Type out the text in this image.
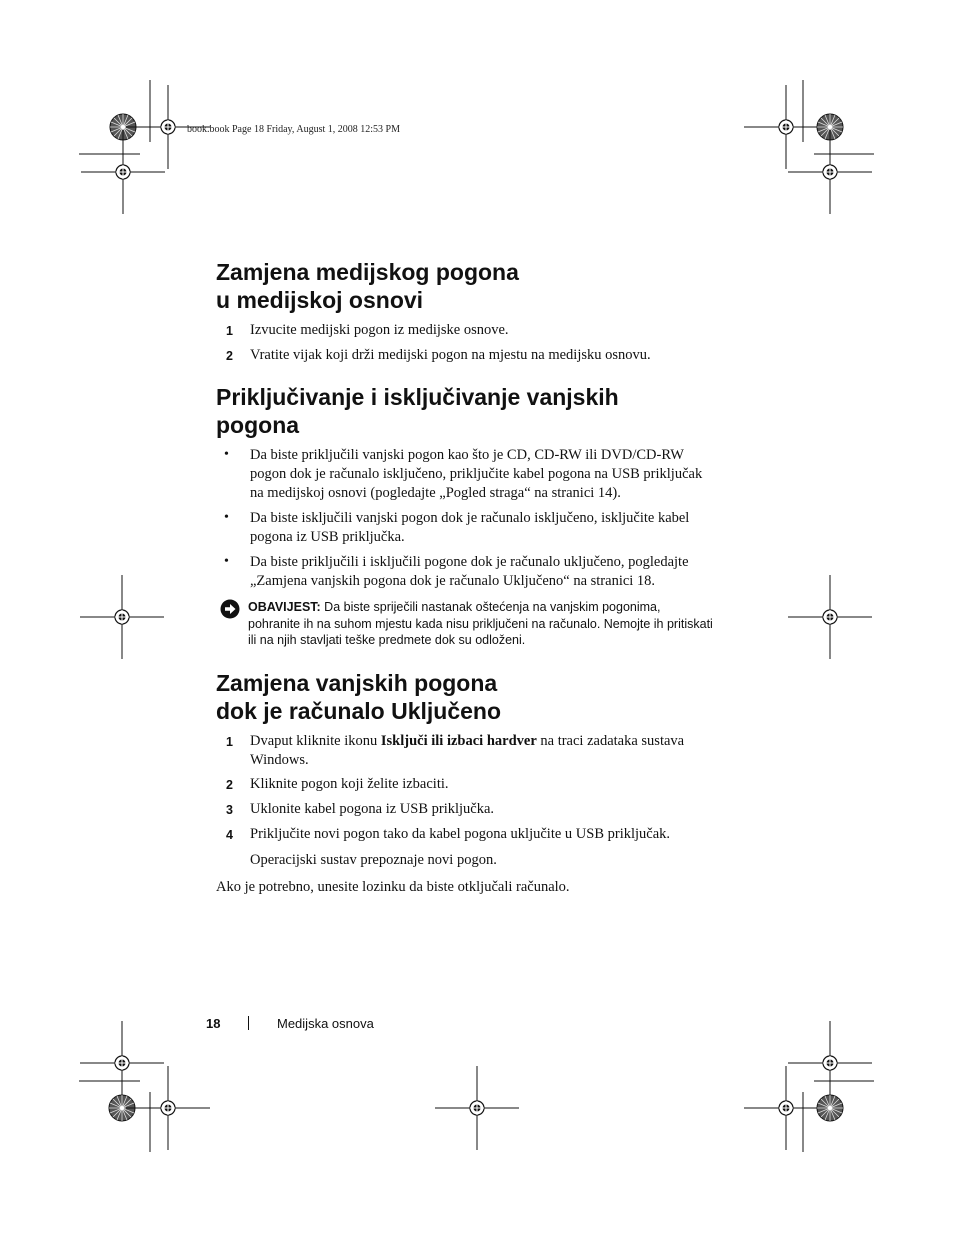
book.book Page 18 Friday, August 1, 2008 12:53 PM
Zamjena medijskog pogona
u medijskoj osnovi
1 Izvucite medijski pogon iz medijske osnove.
2 Vratite vijak koji drži medijski pogon na mjestu na medijsku osnovu.
Priključivanje i isključivanje vanjskih
pogona
• Da biste priključili vanjski pogon kao što je CD, CD-RW ili DVD/CD-RW pogon dok je računalo isključeno, priključite kabel pogona na USB priključak na medijskoj osnovi (pogledajte „Pogled straga“ na stranici 14).
• Da biste isključili vanjski pogon dok je računalo isključeno, isključite kabel pogona iz USB priključka.
• Da biste priključili i isključili pogone dok je računalo uključeno, pogledajte „Zamjena vanjskih pogona dok je računalo Uključeno“ na stranici 18.
OBAVIJEST: Da biste spriječili nastanak oštećenja na vanjskim pogonima, pohranite ih na suhom mjestu kada nisu priključeni na računalo. Nemojte ih pritiskati ili na njih stavljati teške predmete dok su odloženi.
Zamjena vanjskih pogona
dok je računalo Uključeno
1 Dvaput kliknite ikonu Isključi ili izbaci hardver na traci zadataka sustava Windows.
2 Kliknite pogon koji želite izbaciti.
3 Uklonite kabel pogona iz USB priključka.
4 Priključite novi pogon tako da kabel pogona uključite u USB priključak.

Operacijski sustav prepoznaje novi pogon.

Ako je potrebno, unesite lozinku da biste otključali računalo.

18	Medijska osnova
